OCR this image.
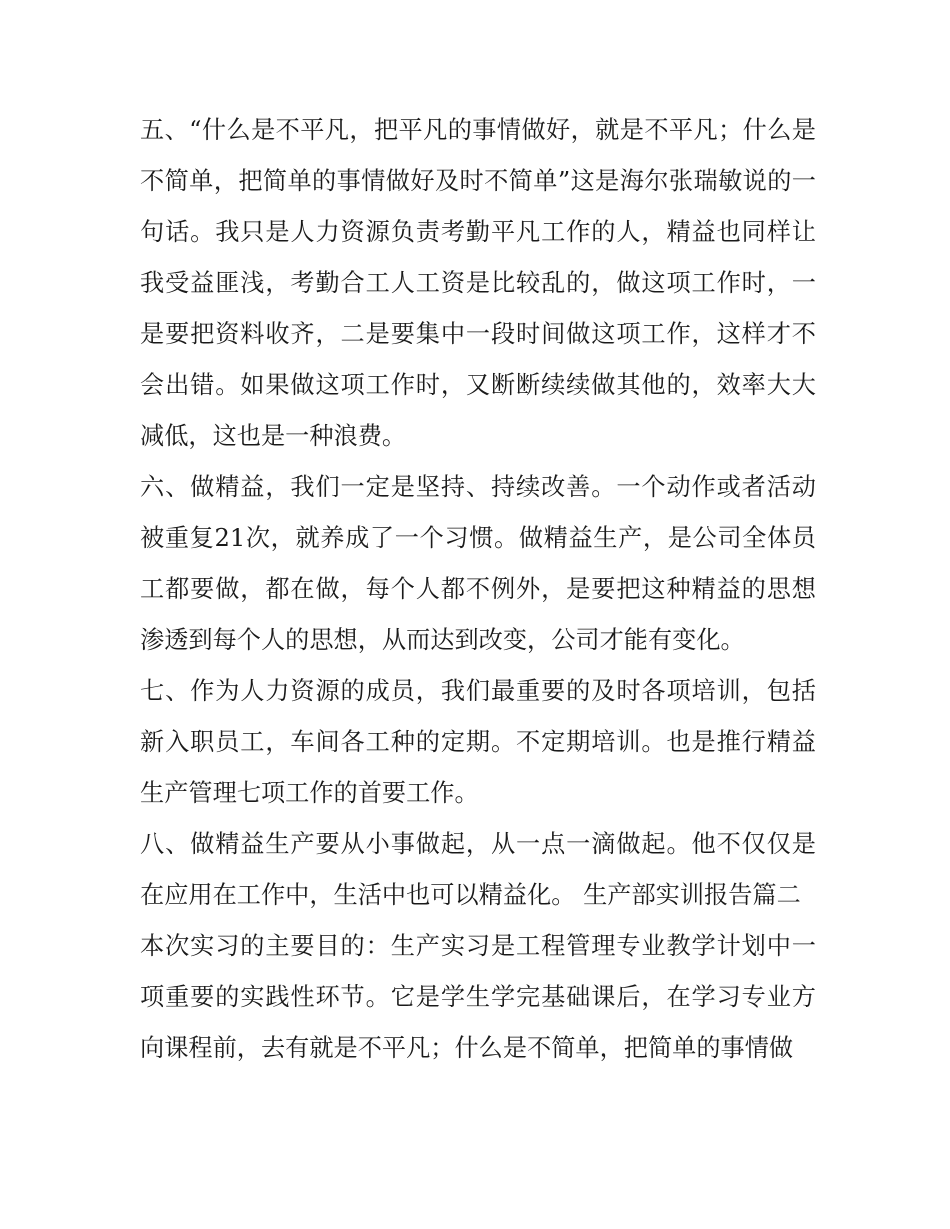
五、“什么是不平凡，把平凡的事情做好，就是不平凡；什么是不简单，把简单的事情做好及时不简单”这是海尔张瑞敏说的一句话。我只是人力资源负责考勤平凡工作的人，精益也同样让我受益匪浅，考勤合工人工资是比较乱的，做这项工作时，一是要把资料收齐，二是要集中一段时间做这项工作，这样才不会出错。如果做这项工作时，又断断续续做其他的，效率大大减低，这也是一种浪费。

六、做精益，我们一定是坚持、持续改善。一个动作或者活动被重复21次，就养成了一个习惯。做精益生产，是公司全体员工都要做，都在做，每个人都不例外，是要把这种精益的思想渗透到每个人的思想，从而达到改变，公司才能有变化。

七、作为人力资源的成员，我们最重要的及时各项培训，包括新入职员工，车间各工种的定期。不定期培训。也是推行精益生产管理七项工作的首要工作。

八、做精益生产要从小事做起，从一点一滴做起。他不仅仅是在应用在工作中，生活中也可以精益化。 生产部实训报告篇二

本次实习的主要目的：生产实习是工程管理专业教学计划中一项重要的实践性环节。它是学生学完基础课后，在学习专业方向课程前，去有就是不平凡；什么是不简单，把简单的事情做
